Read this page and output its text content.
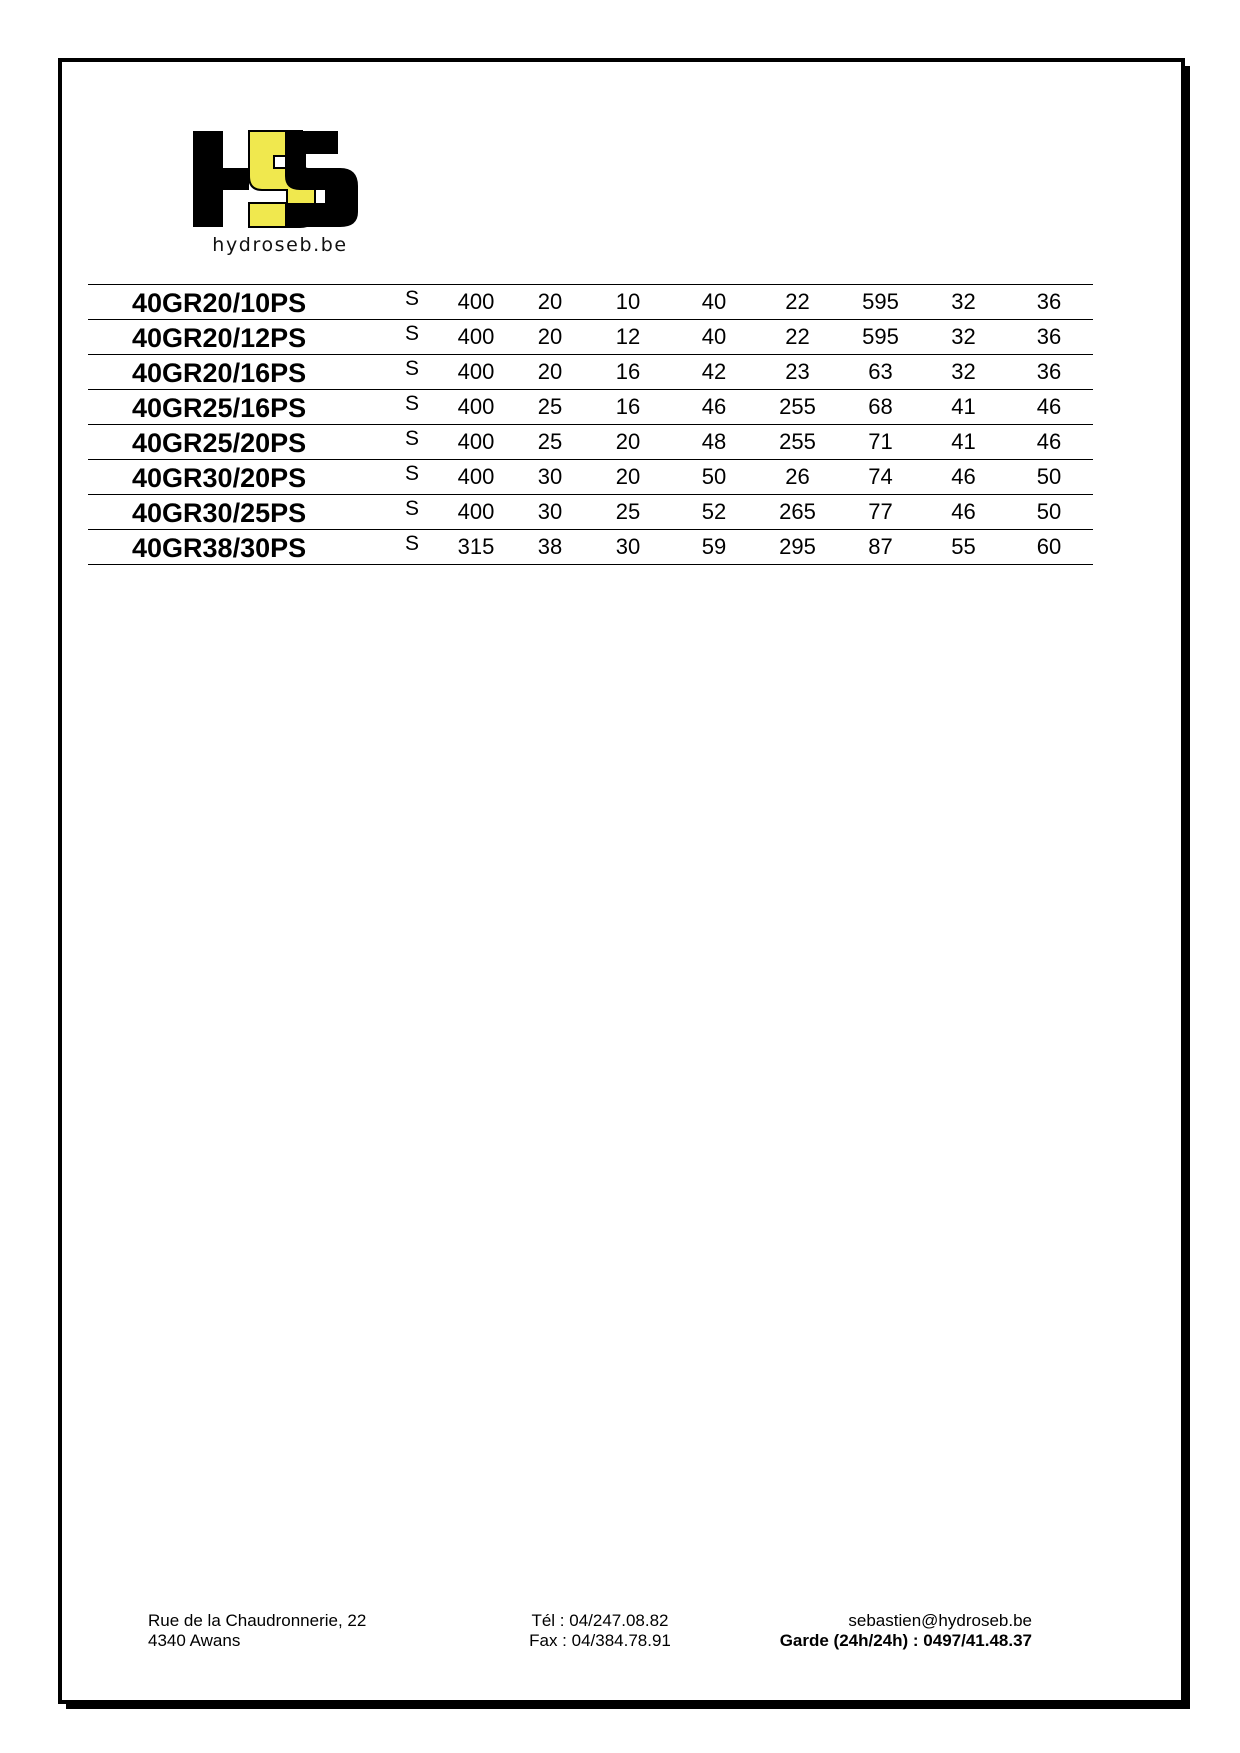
hydroseb.be
40GR20/10PS	S	400	20	10	40	22	595	32	36
40GR20/12PS	S	400	20	12	40	22	595	32	36
40GR20/16PS	S	400	20	16	42	23	63	32	36
40GR25/16PS	S	400	25	16	46	255	68	41	46
40GR25/20PS	S	400	25	20	48	255	71	41	46
40GR30/20PS	S	400	30	20	50	26	74	46	50
40GR30/25PS	S	400	30	25	52	265	77	46	50
40GR38/30PS	S	315	38	30	59	295	87	55	60
Rue de la Chaudronnerie, 22
4340 Awans
Tél : 04/247.08.82
Fax : 04/384.78.91
sebastien@hydroseb.be
Garde (24h/24h) : 0497/41.48.37
